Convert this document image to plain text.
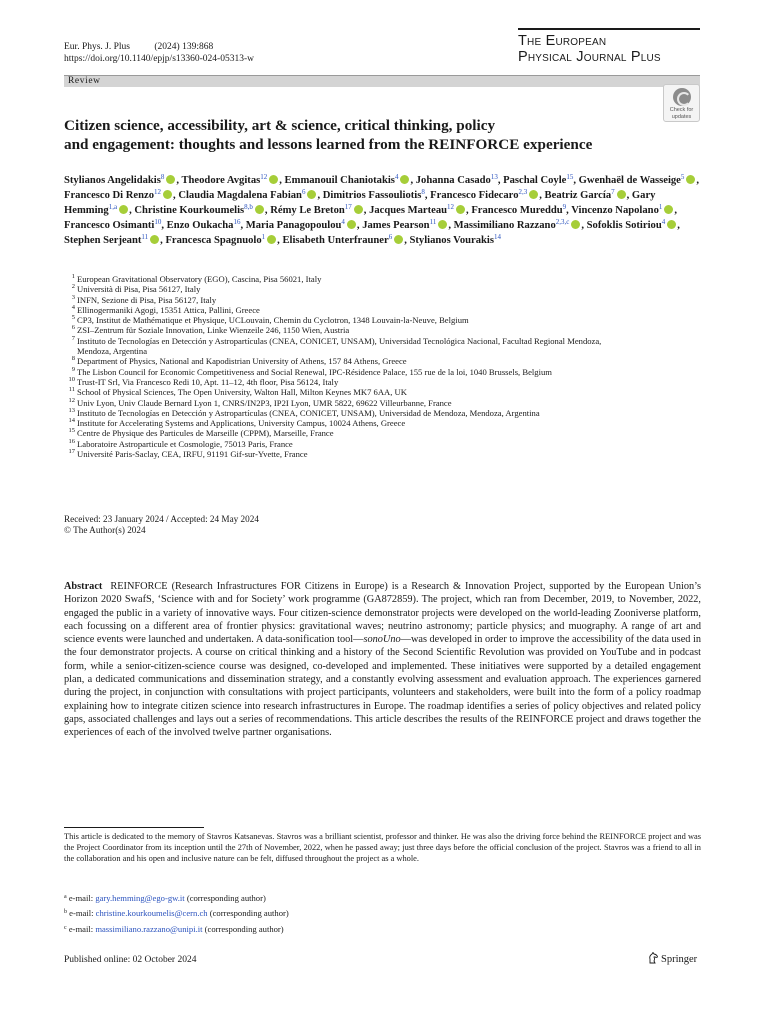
Eur. Phys. J. Plus	(2024) 139:868
https://doi.org/10.1140/epjp/s13360-024-05313-w
The European
Physical Journal Plus
Review
Check for
updates
Citizen science, accessibility, art & science, critical thinking, policy
and engagement: thoughts and lessons learned from the REINFORCE experience
Stylianos Angelidakis$^8$ , Theodore Avgitas$^{12}$ , Emmanouil Chaniotakis$^4$ , Johanna Casado$^{13}$, Paschal Coyle$^{15}$, Gwenhaël de Wasseige$^5$ , Francesco Di Renzo$^{12}$ , Claudia Magdalena Fabian$^6$ , Dimitrios Fassouliotis$^8$, Francesco Fidecaro$^{2,3}$ , Beatriz García$^7$ , Gary Hemming$^{1,a}$ , Christine Kourkoumelis$^{8,b}$ , Rémy Le Breton$^{17}$ , Jacques Marteau$^{12}$ , Francesco Mureddu$^9$, Vincenzo Napolano$^1$ , Francesco Osimanti$^{10}$, Enzo Oukacha$^{16}$, Maria Panagopoulou$^4$ , James Pearson$^{11}$ , Massimiliano Razzano$^{2,3,c}$ , Sofoklis Sotiriou$^4$ , Stephen Serjeant$^{11}$ , Francesca Spagnuolo$^1$ , Elisabeth Unterfrauner$^6$ , Stylianos Vourakis$^{14}$
1 European Gravitational Observatory (EGO), Cascina, Pisa 56021, Italy
2 Università di Pisa, Pisa 56127, Italy
3 INFN, Sezione di Pisa, Pisa 56127, Italy
4 Ellinogermaniki Agogi, 15351 Attica, Pallini, Greece
5 CP3, Institut de Mathématique et Physique, UCLouvain, Chemin du Cyclotron, 1348 Louvain-la-Neuve, Belgium
6 ZSI–Zentrum für Soziale Innovation, Linke Wienzeile 246, 1150 Wien, Austria
7 Instituto de Tecnologías en Detección y Astropartículas (CNEA, CONICET, UNSAM), Universidad Tecnológica Nacional, Facultad Regional Mendoza,
Mendoza, Argentina
8 Department of Physics, National and Kapodistrian University of Athens, 157 84 Athens, Greece
9 The Lisbon Council for Economic Competitiveness and Social Renewal, IPC-Résidence Palace, 155 rue de la loi, 1040 Brussels, Belgium
10 Trust-IT Srl, Via Francesco Redi 10, Apt. 11–12, 4th floor, Pisa 56124, Italy
11 School of Physical Sciences, The Open University, Walton Hall, Milton Keynes MK7 6AA, UK
12 Univ Lyon, Univ Claude Bernard Lyon 1, CNRS/IN2P3, IP2I Lyon, UMR 5822, 69622 Villeurbanne, France
13 Instituto de Tecnologías en Detección y Astropartículas (CNEA, CONICET, UNSAM), Universidad de Mendoza, Mendoza, Argentina
14 Institute for Accelerating Systems and Applications, University Campus, 10024 Athens, Greece
15 Centre de Physique des Particules de Marseille (CPPM), Marseille, France
16 Laboratoire Astroparticule et Cosmologie, 75013 Paris, France
17 Université Paris-Saclay, CEA, IRFU, 91191 Gif-sur-Yvette, France
Received: 23 January 2024 / Accepted: 24 May 2024
© The Author(s) 2024
Abstract REINFORCE (Research Infrastructures FOR Citizens in Europe) is a Research & Innovation Project, supported by the European Union’s Horizon 2020 SwafS, ‘Science with and for Society’ work programme (GA872859). The project, which ran from December, 2019, to November, 2022, engaged the public in a variety of innovative ways. Four citizen-science demonstrator projects were developed on the world-leading Zooniverse platform, each focussing on a different area of frontier physics: gravitational waves; neutrino astronomy; particle physics; and muography. A range of art and science events were launched and undertaken. A data-sonification tool—sonoUno—was developed in order to improve the accessibility of the data used in the four demonstrator projects. A course on critical thinking and a history of the Second Scientific Revolution was provided on YouTube and in podcast form, while a senior-citizen-science course was designed, co-developed and implemented. These initiatives were supported by a detailed engagement plan, a dedicated communications and dissemination strategy, and a constantly evolving assessment and evaluation approach. The experiences garnered during the project, in conjunction with consultations with project participants, volunteers and stakeholders, were built into the form of a policy roadmap explaining how to integrate citizen science into research infrastructures in Europe. The roadmap identifies a series of policy objectives and related policy gaps, associated challenges and lays out a series of recommendations. This article describes the results of the REINFORCE project and draws together the experiences of each of the involved twelve partner organisations.
This article is dedicated to the memory of Stavros Katsanevas. Stavros was a brilliant scientist, professor and thinker. He was also the driving force behind the REINFORCE project and was the Project Coordinator from its inception until the 27th of November, 2022, when he passed away; just three days before the official conclusion of the project. Stavros was a friend to all in the collaboration and his open and inclusive nature can be felt, diffused throughout the project as a whole.
$^a$ e-mail: gary.hemming@ego-gw.it (corresponding author)
$^b$ e-mail: christine.kourkoumelis@cern.ch (corresponding author)
$^c$ e-mail: massimiliano.razzano@unipi.it (corresponding author)
Published online: 02 October 2024	Springer
